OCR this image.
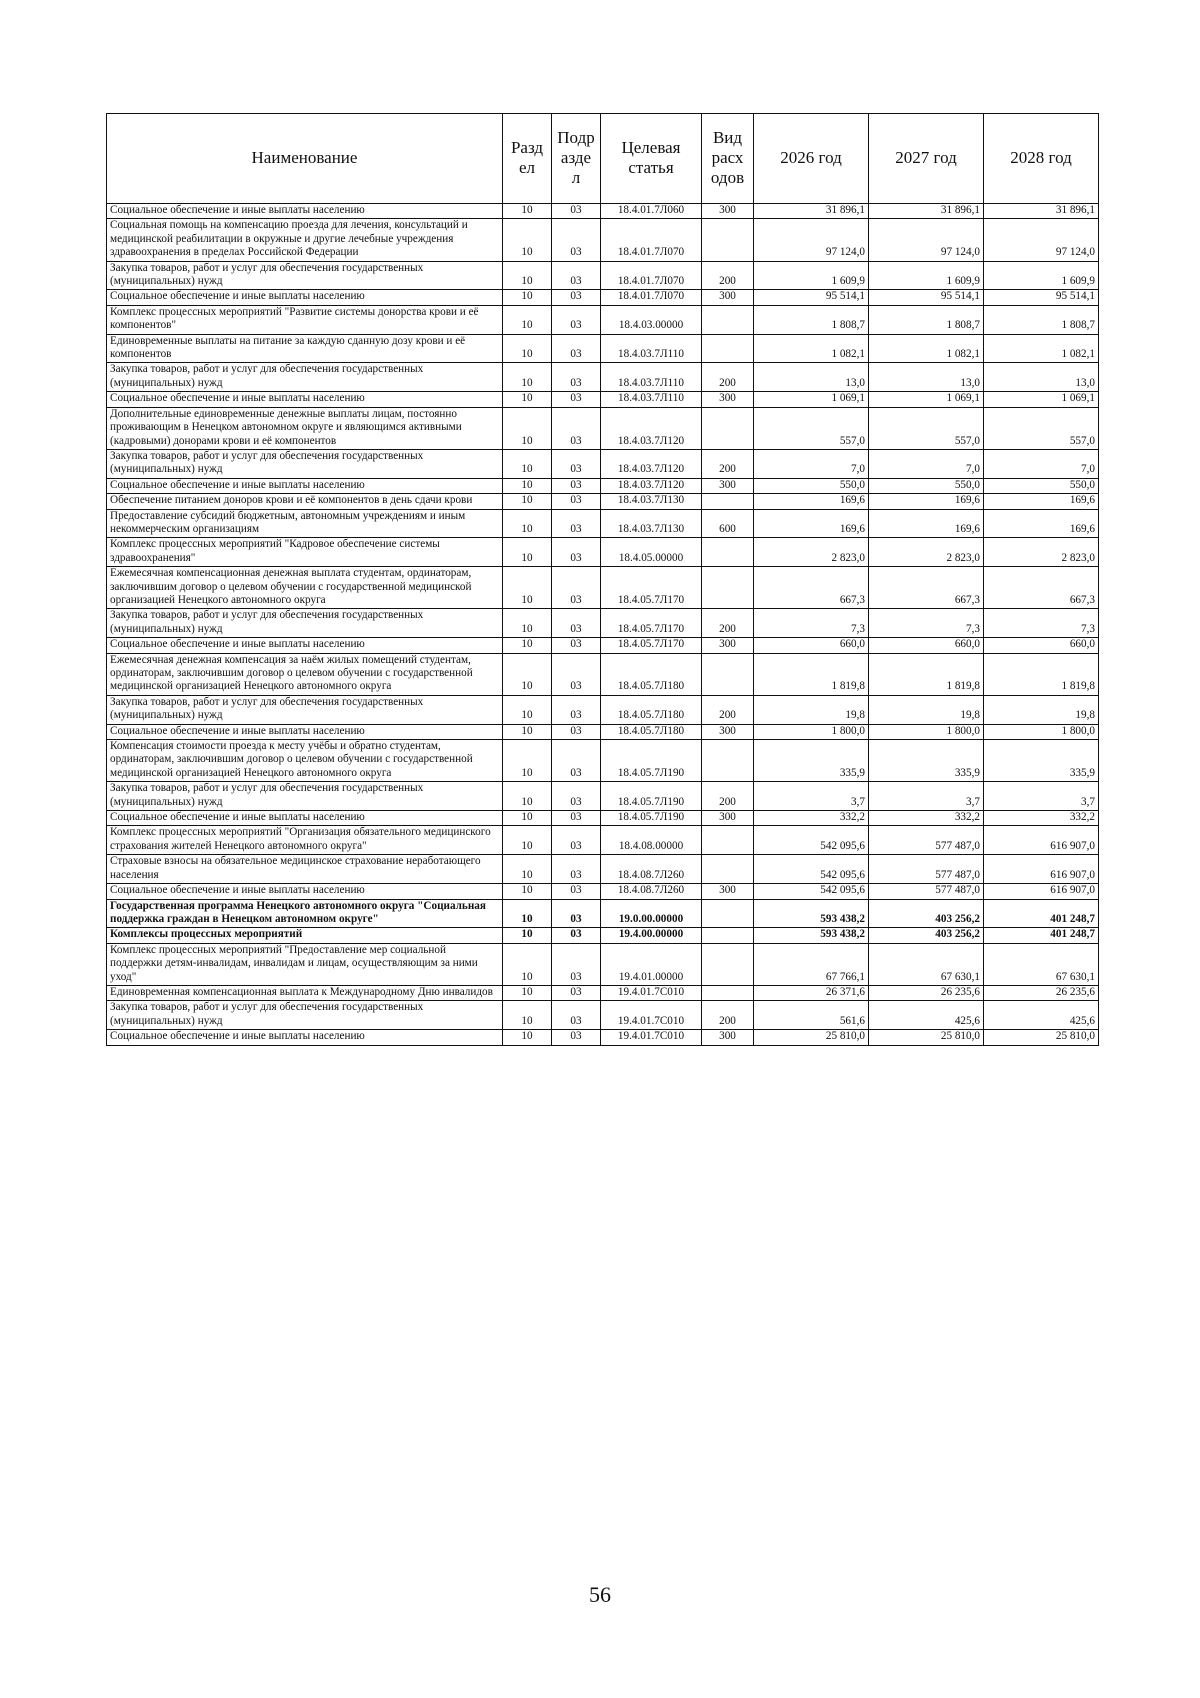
Наименование	Разд ел	Подр азде л	Целевая статья	Вид расх одов	2026 год	2027 год	2028 год
Социальное обеспечение и иные выплаты населению	10	03	18.4.01.7Л060	300	31 896,1	31 896,1	31 896,1
Социальная помощь на компенсацию проезда для лечения, консультаций и медицинской реабилитации в окружные и другие лечебные учреждения здравоохранения в пределах Российской Федерации	10	03	18.4.01.7Л070		97 124,0	97 124,0	97 124,0
Закупка товаров, работ и услуг для обеспечения государственных (муниципальных) нужд	10	03	18.4.01.7Л070	200	1 609,9	1 609,9	1 609,9
Социальное обеспечение и иные выплаты населению	10	03	18.4.01.7Л070	300	95 514,1	95 514,1	95 514,1
Комплекс процессных мероприятий "Развитие системы донорства крови и её компонентов"	10	03	18.4.03.00000		1 808,7	1 808,7	1 808,7
Единовременные выплаты на питание за каждую сданную дозу крови и её компонентов	10	03	18.4.03.7Л110		1 082,1	1 082,1	1 082,1
Закупка товаров, работ и услуг для обеспечения государственных (муниципальных) нужд	10	03	18.4.03.7Л110	200	13,0	13,0	13,0
Социальное обеспечение и иные выплаты населению	10	03	18.4.03.7Л110	300	1 069,1	1 069,1	1 069,1
Дополнительные единовременные денежные выплаты лицам, постоянно проживающим в Ненецком автономном округе и являющимся активными (кадровыми) донорами крови и её компонентов	10	03	18.4.03.7Л120		557,0	557,0	557,0
Закупка товаров, работ и услуг для обеспечения государственных (муниципальных) нужд	10	03	18.4.03.7Л120	200	7,0	7,0	7,0
Социальное обеспечение и иные выплаты населению	10	03	18.4.03.7Л120	300	550,0	550,0	550,0
Обеспечение питанием доноров крови и её компонентов в день сдачи крови	10	03	18.4.03.7Л130		169,6	169,6	169,6
Предоставление субсидий бюджетным, автономным учреждениям и иным некоммерческим организациям	10	03	18.4.03.7Л130	600	169,6	169,6	169,6
Комплекс процессных мероприятий "Кадровое обеспечение системы здравоохранения"	10	03	18.4.05.00000		2 823,0	2 823,0	2 823,0
Ежемесячная компенсационная денежная выплата студентам, ординаторам, заключившим договор о целевом обучении с государственной медицинской организацией Ненецкого автономного округа	10	03	18.4.05.7Л170		667,3	667,3	667,3
Закупка товаров, работ и услуг для обеспечения государственных (муниципальных) нужд	10	03	18.4.05.7Л170	200	7,3	7,3	7,3
Социальное обеспечение и иные выплаты населению	10	03	18.4.05.7Л170	300	660,0	660,0	660,0
Ежемесячная денежная компенсация за наём жилых помещений студентам, ординаторам, заключившим договор о целевом обучении с государственной медицинской организацией Ненецкого автономного округа	10	03	18.4.05.7Л180		1 819,8	1 819,8	1 819,8
Закупка товаров, работ и услуг для обеспечения государственных (муниципальных) нужд	10	03	18.4.05.7Л180	200	19,8	19,8	19,8
Социальное обеспечение и иные выплаты населению	10	03	18.4.05.7Л180	300	1 800,0	1 800,0	1 800,0
Компенсация стоимости проезда к месту учёбы и обратно студентам, ординаторам, заключившим договор о целевом обучении с государственной медицинской организацией Ненецкого автономного округа	10	03	18.4.05.7Л190		335,9	335,9	335,9
Закупка товаров, работ и услуг для обеспечения государственных (муниципальных) нужд	10	03	18.4.05.7Л190	200	3,7	3,7	3,7
Социальное обеспечение и иные выплаты населению	10	03	18.4.05.7Л190	300	332,2	332,2	332,2
Комплекс процессных мероприятий "Организация обязательного медицинского страхования жителей Ненецкого автономного округа"	10	03	18.4.08.00000		542 095,6	577 487,0	616 907,0
Страховые взносы на обязательное медицинское страхование неработающего населения	10	03	18.4.08.7Л260		542 095,6	577 487,0	616 907,0
Социальное обеспечение и иные выплаты населению	10	03	18.4.08.7Л260	300	542 095,6	577 487,0	616 907,0
Государственная программа Ненецкого автономного округа "Социальная поддержка граждан в Ненецком автономном округе"	10	03	19.0.00.00000		593 438,2	403 256,2	401 248,7
Комплексы процессных мероприятий	10	03	19.4.00.00000		593 438,2	403 256,2	401 248,7
Комплекс процессных мероприятий "Предоставление мер социальной поддержки детям-инвалидам, инвалидам и лицам, осуществляющим за ними уход"	10	03	19.4.01.00000		67 766,1	67 630,1	67 630,1
Единовременная компенсационная выплата к Международному Дню инвалидов	10	03	19.4.01.7С010		26 371,6	26 235,6	26 235,6
Закупка товаров, работ и услуг для обеспечения государственных (муниципальных) нужд	10	03	19.4.01.7С010	200	561,6	425,6	425,6
Социальное обеспечение и иные выплаты населению	10	03	19.4.01.7С010	300	25 810,0	25 810,0	25 810,0
56
